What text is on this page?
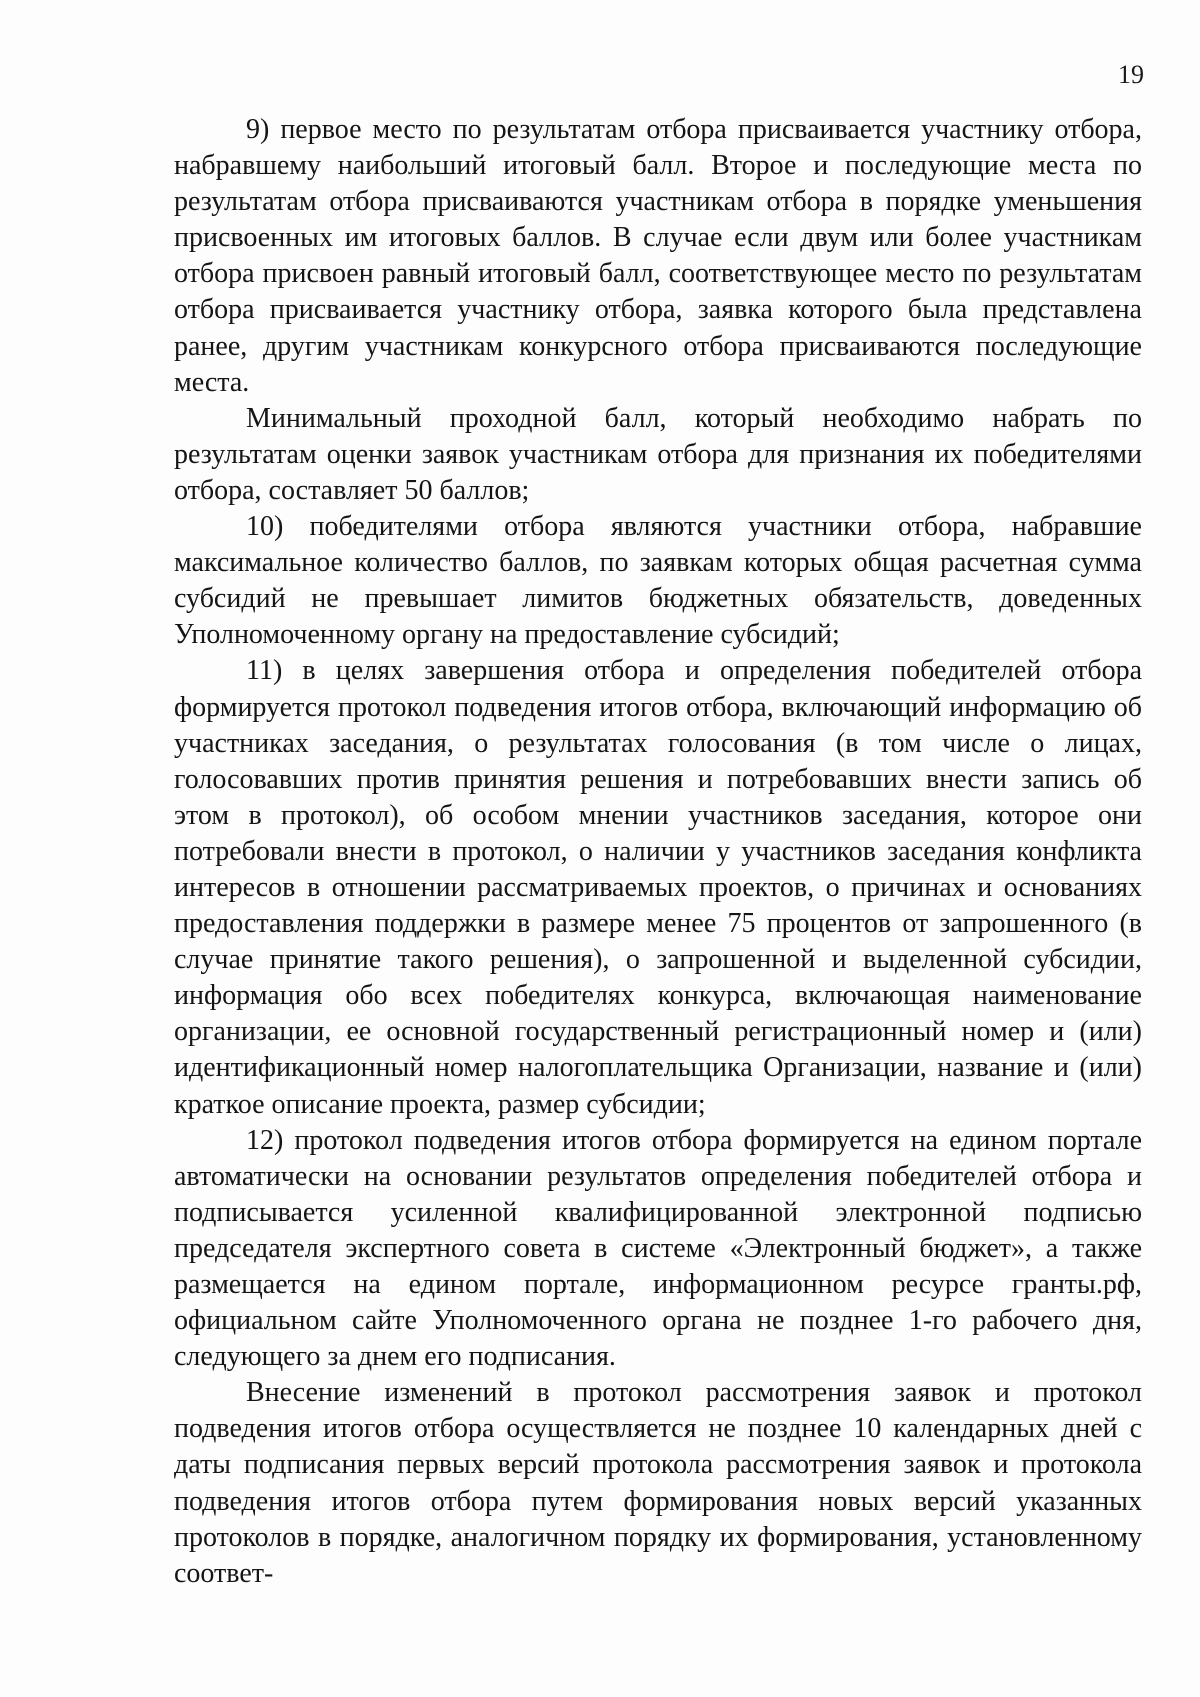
19

9) первое место по результатам отбора присваивается участнику отбора, набравшему наибольший итоговый балл. Второе и последующие места по результатам отбора присваиваются участникам отбора в порядке уменьшения присвоенных им итоговых баллов. В случае если двум или более участникам отбора присвоен равный итоговый балл, соответствующее место по результатам отбора присваивается участнику отбора, заявка которого была представлена ранее, другим участникам конкурсного отбора присваиваются последующие места.

Минимальный проходной балл, который необходимо набрать по результатам оценки заявок участникам отбора для признания их победителями отбора, составляет 50 баллов;

10) победителями отбора являются участники отбора, набравшие максимальное количество баллов, по заявкам которых общая расчетная сумма субсидий не превышает лимитов бюджетных обязательств, доведенных Уполномоченному органу на предоставление субсидий;

11) в целях завершения отбора и определения победителей отбора формируется протокол подведения итогов отбора, включающий информацию об участниках заседания, о результатах голосования (в том числе о лицах, голосовавших против принятия решения и потребовавших внести запись об этом в протокол), об особом мнении участников заседания, которое они потребовали внести в протокол, о наличии у участников заседания конфликта интересов в отношении рассматриваемых проектов, о причинах и основаниях предоставления поддержки в размере менее 75 процентов от запрошенного (в случае принятие такого решения), о запрошенной и выделенной субсидии, информация обо всех победителях конкурса, включающая наименование организации, ее основной государственный регистрационный номер и (или) идентификационный номер налогоплательщика Организации, название и (или) краткое описание проекта, размер субсидии;

12) протокол подведения итогов отбора формируется на едином портале автоматически на основании результатов определения победителей отбора и подписывается усиленной квалифицированной электронной подписью председателя экспертного совета в системе «Электронный бюджет», а также размещается на едином портале, информационном ресурсе гранты.рф, официальном сайте Уполномоченного органа не позднее 1-го рабочего дня, следующего за днем его подписания.

Внесение изменений в протокол рассмотрения заявок и протокол подведения итогов отбора осуществляется не позднее 10 календарных дней с даты подписания первых версий протокола рассмотрения заявок и протокола подведения итогов отбора путем формирования новых версий указанных протоколов в порядке, аналогичном порядку их формирования, установленному соответ-
